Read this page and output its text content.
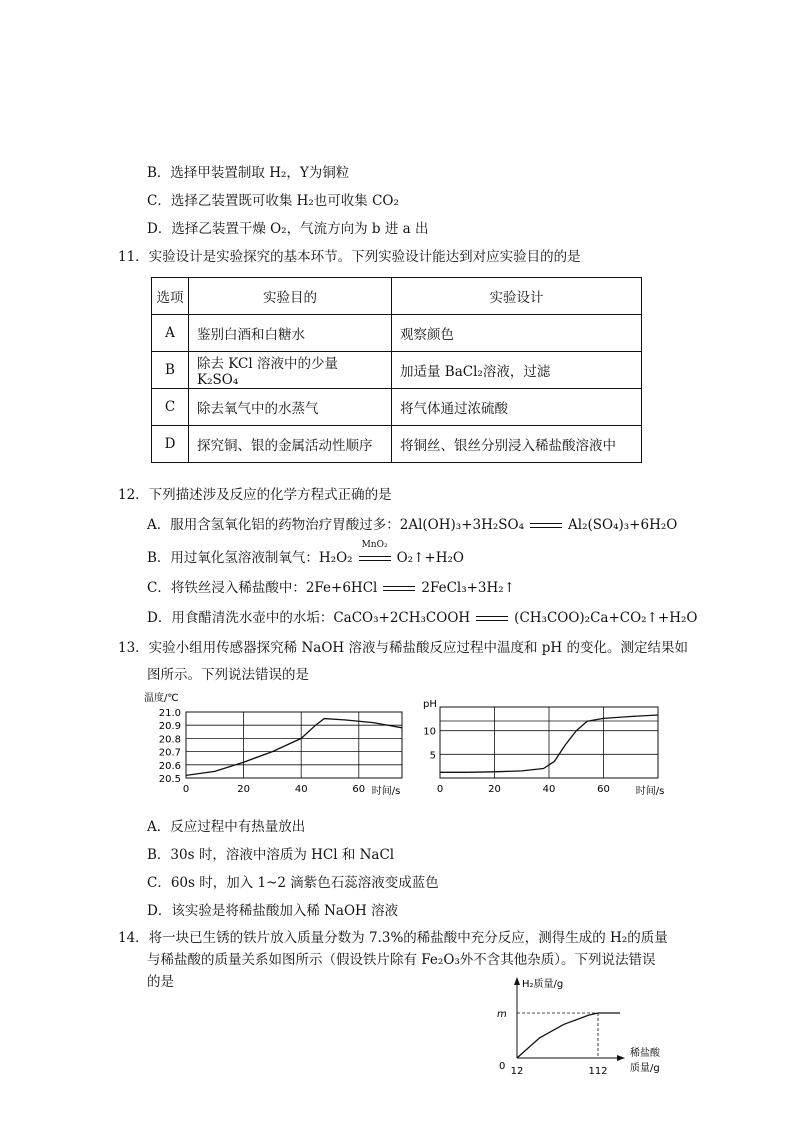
B．选择甲装置制取 H₂，Y为铜粒
C．选择乙装置既可收集 H₂也可收集 CO₂
D．选择乙装置干燥 O₂，气流方向为 b 进 a 出
11．实验设计是实验探究的基本环节。下列实验设计能达到对应实验目的的是
选项	实验目的	实验设计
A	鉴别白酒和白糖水	观察颜色
B	除去 KCl 溶液中的少量 K₂SO₄	加适量 BaCl₂溶液，过滤
C	除去氧气中的水蒸气	将气体通过浓硫酸
D	探究铜、银的金属活动性顺序	将铜丝、银丝分别浸入稀盐酸溶液中
12．下列描述涉及反应的化学方程式正确的是
A．服用含氢氧化铝的药物治疗胃酸过多：2Al(OH)₃+3H₂SO₄	Al₂(SO₄)₃+6H₂O
B．用过氧化氢溶液制氧气：H₂O₂
MnO₂
O₂↑+H₂O
C．将铁丝浸入稀盐酸中：2Fe+6HCl	2FeCl₃+3H₂↑
D．用食醋清洗水壶中的水垢：CaCO₃+2CH₃COOH	(CH₃COO)₂Ca+CO₂↑+H₂O
13．实验小组用传感器探究稀 NaOH 溶液与稀盐酸反应过程中温度和 pH 的变化。测定结果如
图所示。下列说法错误的是
20.5
20.6
20.7
20.8
20.9
21.0
0	20	40	60
温度/℃
时间/s
5
10
0	20	40	60
pH
时间/s
A．反应过程中有热量放出
B．30s 时，溶液中溶质为 HCl 和 NaCl
C．60s 时，加入 1~2 滴紫色石蕊溶液变成蓝色
D．该实验是将稀盐酸加入稀 NaOH 溶液
14．将一块已生锈的铁片放入质量分数为 7.3%的稀盐酸中充分反应，测得生成的 H₂的质量
与稀盐酸的质量关系如图所示（假设铁片除有 Fe₂O₃外不含其他杂质）。下列说法错误
的是	H₂质量/g
m
0 12	112
稀盐酸
质量/g
